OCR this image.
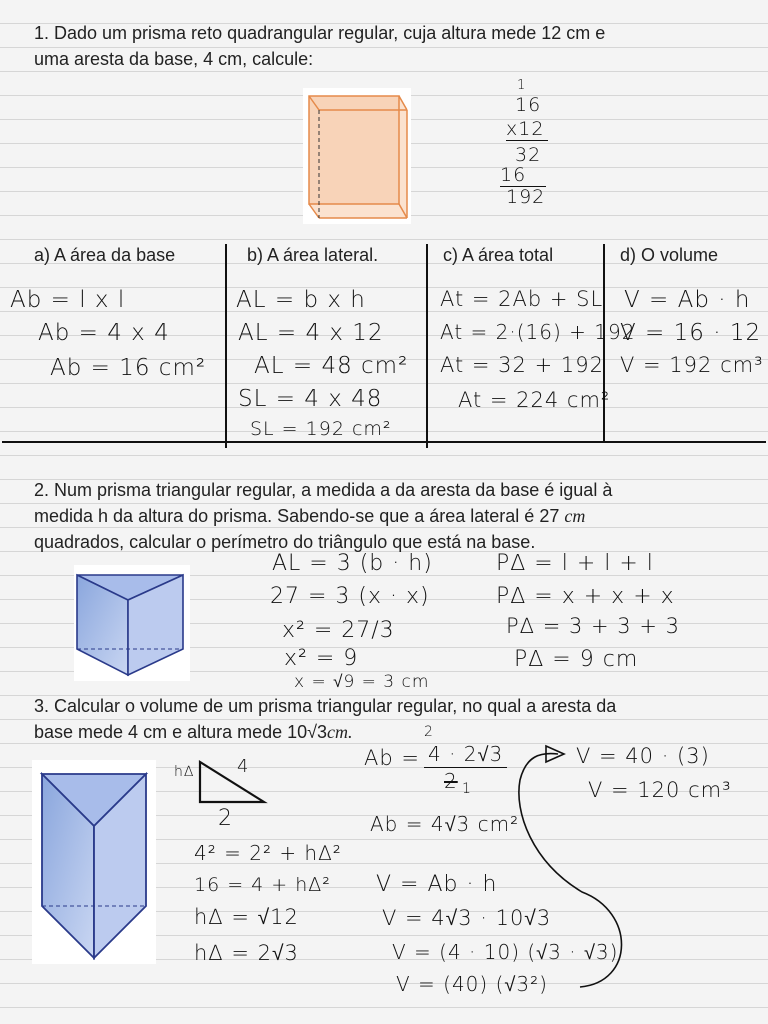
1. Dado um prisma reto quadrangular regular, cuja altura mede 12 cm e
uma aresta da base, 4 cm, calcule:
1
16
x12
32
16
192
a) A área da base	b) A área lateral.	c) A área total	d) O volume
Ab = l x l
Ab = 4 x 4
Ab = 16 cm²
AL = b x h
AL = 4 x 12
AL = 48 cm²
SL = 4 x 48
SL = 192 cm²
At = 2Ab + SL
At = 2·(16) + 192
At = 32 + 192
At = 224 cm²
V = Ab · h
V = 16 · 12
V = 192 cm³
2. Num prisma triangular regular, a medida a da aresta da base é igual à
medida h da altura do prisma. Sabendo-se que a área lateral é 27 cm
quadrados, calcular o perímetro do triângulo que está na base.
AL = 3 (b · h)
27 = 3 (x · x)
x² = 27/3
x² = 9
x = √9 = 3 cm
P∆ = l + l + l
P∆ = x + x + x
P∆ = 3 + 3 + 3
P∆ = 9 cm
3. Calcular o volume de um prisma triangular regular, no qual a aresta da
base mede 4 cm e altura mede 10√3cm.
h∆ 4
2
4² = 2² + h∆²
16 = 4 + h∆²
h∆ = √12
h∆ = 2√3
Ab =
2
4 · 2√3
2 1
Ab = 4√3 cm²
V = Ab · h
V = 4√3 · 10√3
V = (4 · 10) (√3 · √3)
V = (40) (√3²)
V = 40 · (3)
V = 120 cm³
